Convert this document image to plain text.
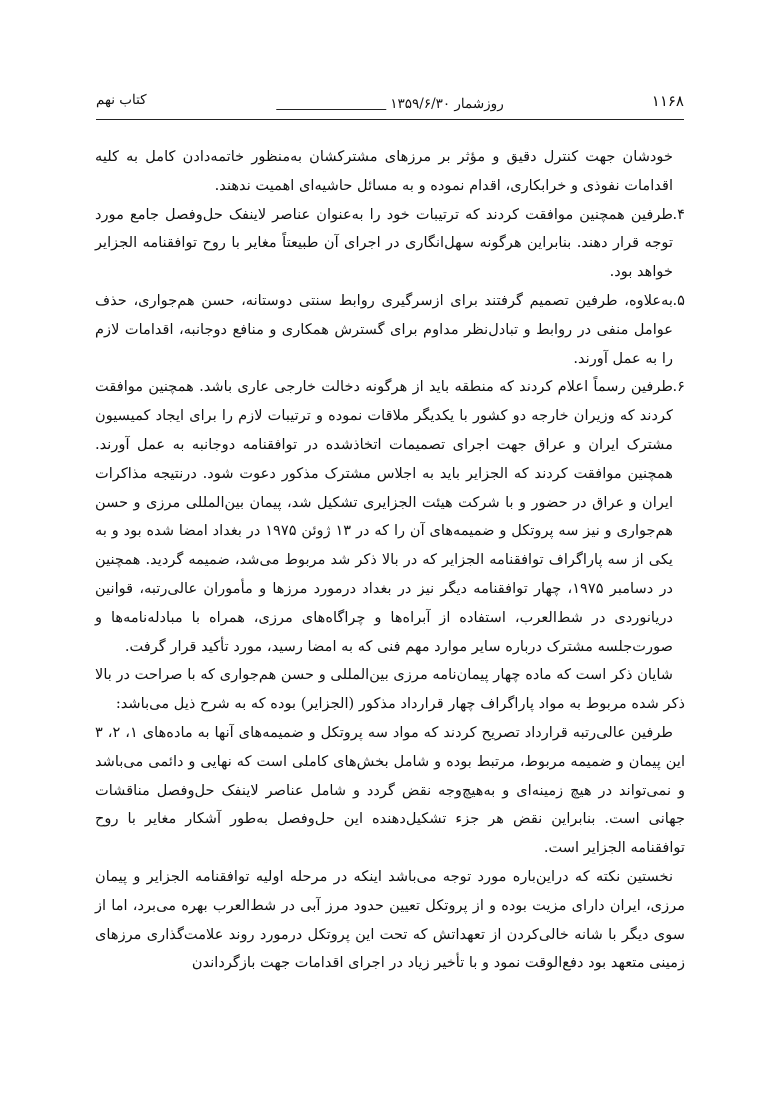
۱۱۶۸
روزشمار ۱۳۵۹/۶/۳۰
کتاب نهم

خودشان جهت کنترل دقیق و مؤثر بر مرزهای مشترکشان به‌منظور خاتمه‌دادن کامل به کلیه اقدامات نفوذی و خرابکاری، اقدام نموده و به مسائل حاشیه‌ای اهمیت ندهند.

۴.
طرفین همچنین موافقت کردند که ترتیبات خود را به‌عنوان عناصر لاینفک حل‌وفصل جامع مورد توجه قرار دهند. بنابراین هرگونه سهل‌انگاری در اجرای آن طبیعتاً مغایر با روح توافقنامه الجزایر خواهد بود.

۵.
به‌علاوه، طرفین تصمیم گرفتند برای ازسرگیری روابط سنتی دوستانه، حسن هم‌جواری، حذف عوامل منفی در روابط و تبادل‌نظر مداوم برای گسترش همکاری و منافع دوجانبه، اقدامات لازم را به عمل آورند.

۶.
طرفین رسماً اعلام کردند که منطقه باید از هرگونه دخالت خارجی عاری باشد. همچنین موافقت کردند که وزیران خارجه دو کشور با یکدیگر ملاقات نموده و ترتیبات لازم را برای ایجاد کمیسیون مشترک ایران و عراق جهت اجرای تصمیمات اتخاذشده در توافقنامه دوجانبه به عمل آورند. همچنین موافقت کردند که الجزایر باید به اجلاس مشترک مذکور دعوت شود. درنتیجه مذاکرات ایران و عراق در حضور و با شرکت هیئت الجزایری تشکیل شد، پیمان بین‌المللی مرزی و حسن هم‌جواری و نیز سه پروتکل و ضمیمه‌های آن را که در ۱۳ ژوئن ۱۹۷۵ در بغداد امضا شده بود و به یکی از سه پاراگراف توافقنامه الجزایر که در بالا ذکر شد مربوط می‌شد، ضمیمه گردید. همچنین در دسامبر ۱۹۷۵، چهار توافقنامه دیگر نیز در بغداد درمورد مرزها و مأموران عالی‌رتبه، قوانین دریانوردی در شط‌العرب، استفاده از آبراه‌ها و چراگاه‌های مرزی، همراه با مبادله‌نامه‌ها و صورت‌جلسه مشترک درباره سایر موارد مهم فنی که به امضا رسید، مورد تأکید قرار گرفت.

شایان ذکر است که ماده چهار پیمان‌نامه مرزی بین‌المللی و حسن هم‌جواری که با صراحت در بالا ذکر شده مربوط به مواد پاراگراف چهار قرارداد مذکور (الجزایر) بوده که به شرح ذیل می‌باشد:

طرفین عالی‌رتبه قرارداد تصریح کردند که مواد سه پروتکل و ضمیمه‌های آنها به ماده‌های ۱، ۲، ۳ این پیمان و ضمیمه مربوط، مرتبط بوده و شامل بخش‌های کاملی است که نهایی و دائمی می‌باشد و نمی‌تواند در هیچ زمینه‌ای و به‌هیچ‌وجه نقض گردد و شامل عناصر لاینفک حل‌وفصل مناقشات جهانی است. بنابراین نقض هر جزء تشکیل‌دهنده این حل‌وفصل به‌طور آشکار مغایر با روح توافقنامه الجزایر است.

نخستین نکته که دراین‌باره مورد توجه می‌باشد اینکه در مرحله اولیه توافقنامه الجزایر و پیمان مرزی، ایران دارای مزیت بوده و از پروتکل تعیین حدود مرز آبی در شط‌العرب بهره می‌برد، اما از سوی دیگر با شانه خالی‌کردن از تعهداتش که تحت این پروتکل درمورد روند علامت‌گذاری مرزهای زمینی متعهد بود دفع‌الوقت نمود و با تأخیر زیاد در اجرای اقدامات جهت بازگرداندن
